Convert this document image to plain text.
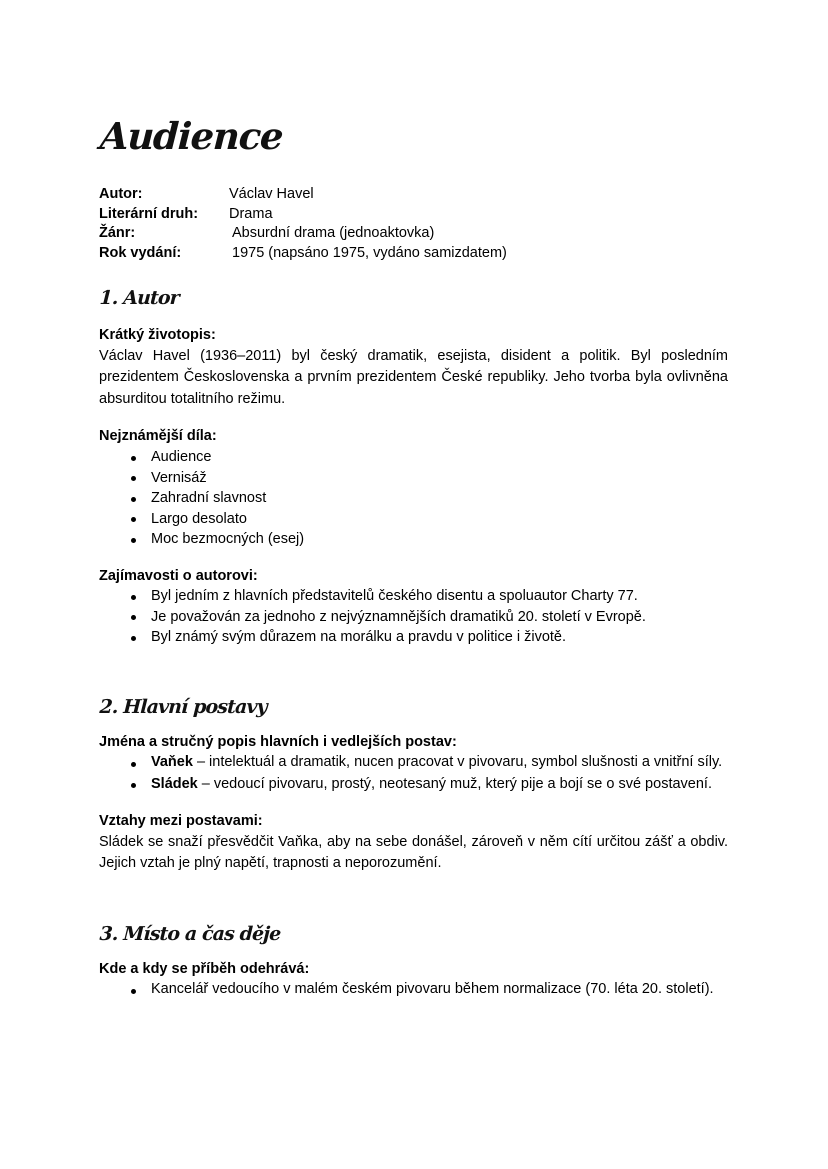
Audience
Autor:	Václav Havel
Literární druh:	Drama
Žánr:	Absurdní drama (jednoaktovka)
Rok vydání:	1975 (napsáno 1975, vydáno samizdatem)
1. Autor
Krátký životopis:

Václav Havel (1936–2011) byl český dramatik, esejista, disident a politik. Byl posledním prezidentem Československa a prvním prezidentem České republiky. Jeho tvorba byla ovlivněna absurditou totalitního režimu.

Nejznámější díla:
Audience
Vernisáž
Zahradní slavnost
Largo desolato
Moc bezmocných (esej)
Zajímavosti o autorovi:
Byl jedním z hlavních představitelů českého disentu a spoluautor Charty 77.
Je považován za jednoho z nejvýznamnějších dramatiků 20. století v Evropě.
Byl známý svým důrazem na morálku a pravdu v politice i životě.
2. Hlavní postavy
Jména a stručný popis hlavních i vedlejších postav:
Vaňek – intelektuál a dramatik, nucen pracovat v pivovaru, symbol slušnosti a vnitřní síly.
Sládek – vedoucí pivovaru, prostý, neotesaný muž, který pije a bojí se o své postavení.
Vztahy mezi postavami:

Sládek se snaží přesvědčit Vaňka, aby na sebe donášel, zároveň v něm cítí určitou zášť a obdiv. Jejich vztah je plný napětí, trapnosti a neporozumění.

3. Místo a čas děje
Kde a kdy se příběh odehrává:
Kancelář vedoucího v malém českém pivovaru během normalizace (70. léta 20. století).
